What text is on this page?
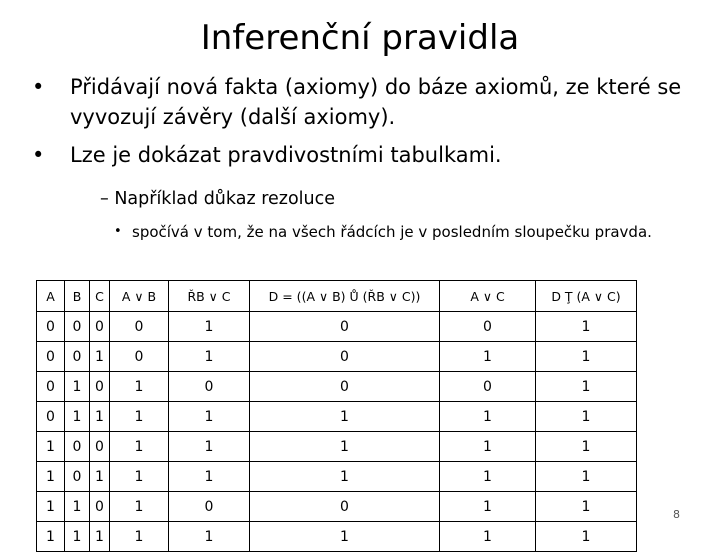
Inferenční pravidla
• Přidávají nová fakta (axiomy) do báze axiomů, ze které se vyvozují závěry (další axiomy).
• Lze je dokázat pravdivostními tabulkami.
– Například důkaz rezoluce
• spočívá v tom, že na všech řádcích je v posledním sloupečku pravda.
A	B	C	A ∨ B	ŘB ∨ C	D = ((A ∨ B) Ů (ŘB ∨ C))	A ∨ C	D Ţ (A ∨ C)
0	0	0	0	1	0	0	1
0	0	1	0	1	0	1	1
0	1	0	1	0	0	0	1
0	1	1	1	1	1	1	1
1	0	0	1	1	1	1	1
1	0	1	1	1	1	1	1
1	1	0	1	0	0	1	1
1	1	1	1	1	1	1	1
8
